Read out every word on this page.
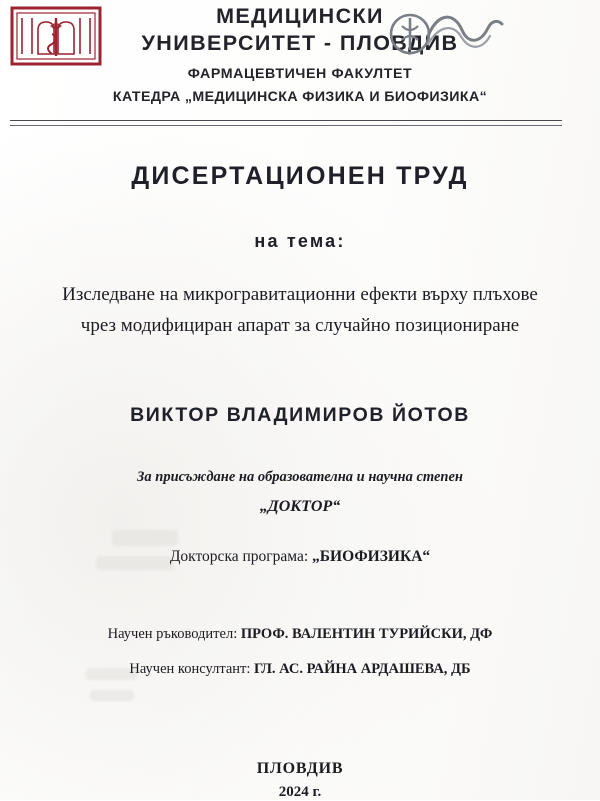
МЕДИЦИНСКИ
УНИВЕРСИТЕТ - ПЛОВДИВ
ФАРМАЦЕВТИЧЕН ФАКУЛТЕТ
КАТЕДРА „МЕДИЦИНСКА ФИЗИКА И БИОФИЗИКА“
ДИСЕРТАЦИОНЕН ТРУД
на тема:
Изследване на микрогравитационни ефекти върху плъхове
чрез модифициран апарат за случайно позициониране
ВИКТОР ВЛАДИМИРОВ ЙОТОВ
За присъждане на образователна и научна степен
„ДОКТОР“
Докторска програма: „БИОФИЗИКА“
Научен ръководител: ПРОФ. ВАЛЕНТИН ТУРИЙСКИ, ДФ
Научен консултант: ГЛ. АС. РАЙНА АРДАШЕВА, ДБ
ПЛОВДИВ
2024 г.
